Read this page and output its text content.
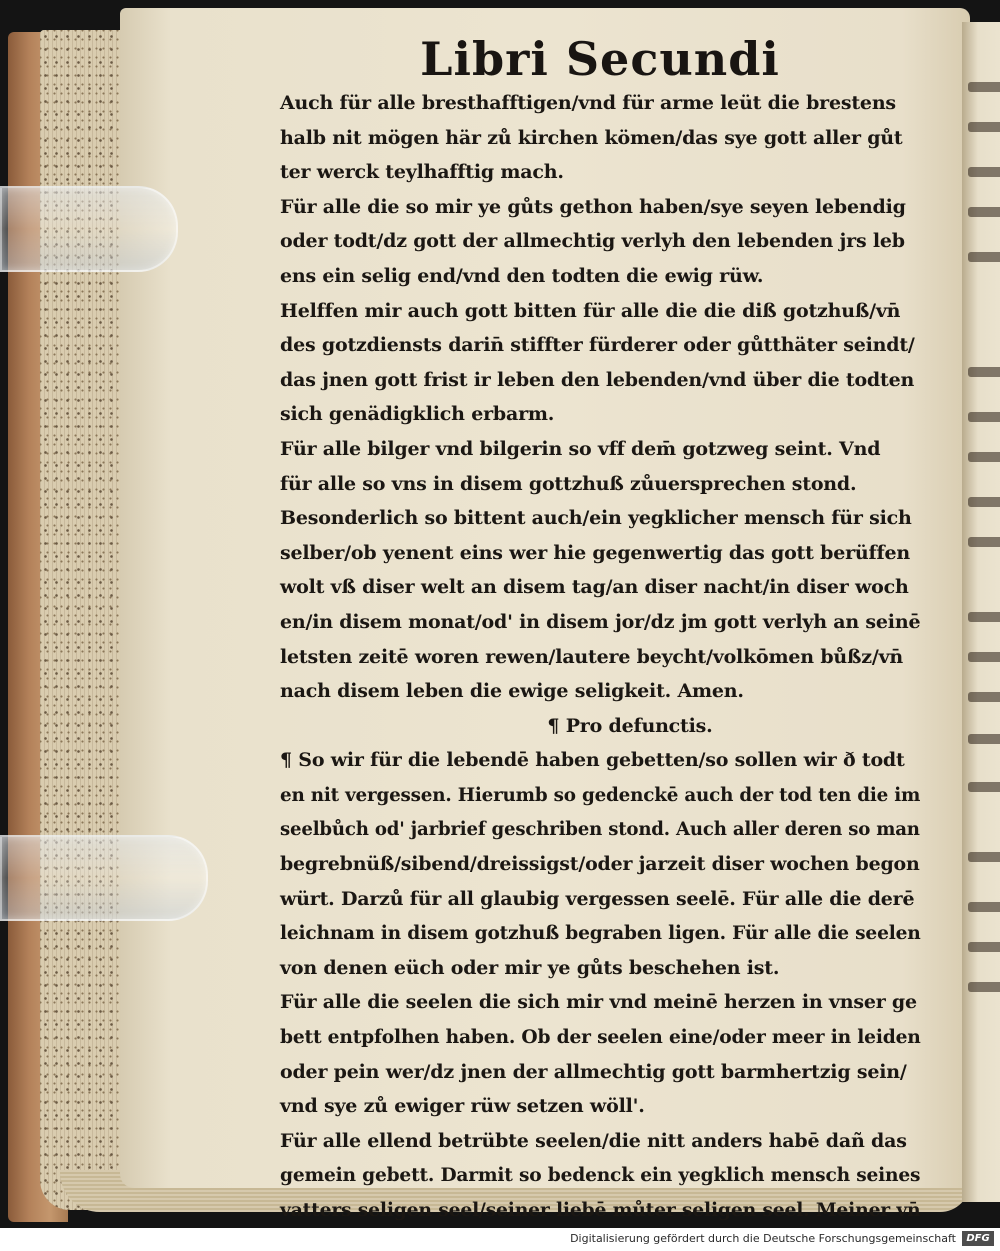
Libri Secundi
Auch für alle bresthafftigen/vnd für arme leüt die brestens
halb nit mögen här zů kirchen kömen/das sye gott aller gůt
ter werck teylhafftig mach.
Für alle die so mir ye gůts gethon haben/sye seyen lebendig
oder todt/dz gott der allmechtig verlyh den lebenden jrs leb
ens ein selig end/vnd den todten die ewig rüw.
Helffen mir auch gott bitten für alle die die diß gotzhuß/vn̄
des gotzdiensts darin̄ stiffter fürderer oder gůtthäter seindt/
das jnen gott frist ir leben den lebenden/vnd über die todten
sich genädigklich erbarm.
Für alle bilger vnd bilgerin so vff dem̄ gotzweg seint. Vnd
für alle so vns in disem gottzhuß zůuersprechen stond.
Besonderlich so bittent auch/ein yegklicher mensch für sich
selber/ob yenent eins wer hie gegenwertig das gott berüffen
wolt vß diser welt an disem tag/an diser nacht/in diser woch
en/in disem monat/od' in disem jor/dz jm gott verlyh an seinē
letsten zeitē woren rewen/lautere beycht/volkōmen bůßz/vn̄
nach disem leben die ewige seligkeit. Amen.
¶ Pro defunctis.
¶ So wir für die lebendē haben gebetten/so sollen wir ð todt
en nit vergessen. Hierumb so gedenckē auch der tod ten die im
seelbůch od' jarbrief geschriben stond. Auch aller deren so man
begrebnüß/sibend/dreissigst/oder jarzeit diser wochen begon
würt. Darzů für all glaubig vergessen seelē. Für alle die derē
leichnam in disem gotzhuß begraben ligen. Für alle die seelen
von denen eüch oder mir ye gůts beschehen ist.
Für alle die seelen die sich mir vnd meinē herzen in vnser ge
bett entpfolhen haben. Ob der seelen eine/oder meer in leiden
oder pein wer/dz jnen der allmechtig gott barmhertzig sein/
vnd sye zů ewiger rüw setzen wöll'.
Für alle ellend betrübte seelen/die nitt anders habē dañ das
gemein gebett. Darmit so bedenck ein yegklich mensch seines
vatters seligen seel/seiner liebē můter seligen seel. Meiner vn̄
Digitalisierung gefördert durch die Deutsche Forschungsgemeinschaft	DFG
